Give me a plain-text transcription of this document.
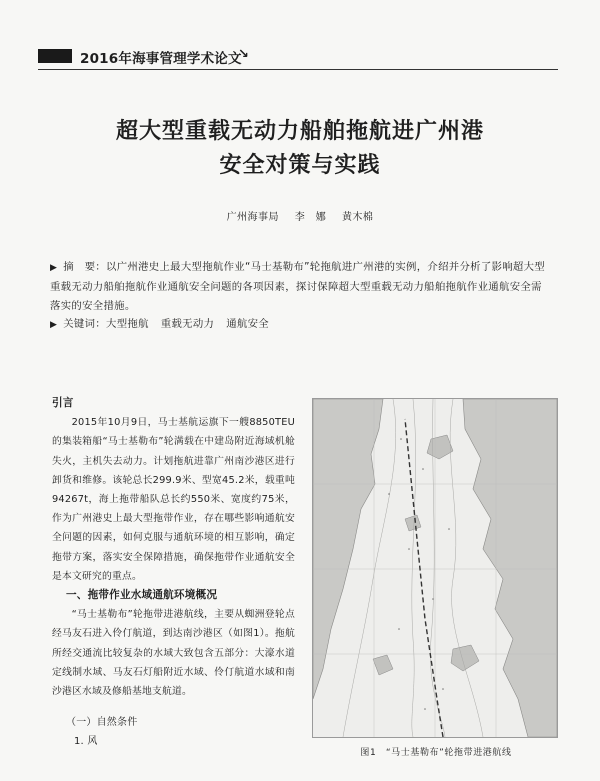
2016年海事管理学术论文
↘
超大型重载无动力船舶拖航进广州港
安全对策与实践
广州海事局 李　娜 黄木棉
▶ 摘　要：以广州港史上最大型拖航作业“马士基勒布”轮拖航进广州港的实例，介绍并分析了影响超大型重载无动力船舶拖航作业通航安全问题的各项因素，探讨保障超大型重载无动力船舶拖航作业通航安全需落实的安全措施。
▶ 关键词：大型拖航 重载无动力 通航安全
引言

2015年10月9日，马士基航运旗下一艘8850TEU的集装箱船“马士基勒布”轮满载在中建岛附近海域机舱失火，主机失去动力。计划拖航进靠广州南沙港区进行卸货和维修。该轮总长299.9米、型宽45.2米，载重吨94267t，海上拖带船队总长约550米、宽度约75米，作为广州港史上最大型拖带作业，存在哪些影响通航安全问题的因素，如何克服与通航环境的相互影响，确定拖带方案，落实安全保障措施，确保拖带作业通航安全是本文研究的重点。

一、拖带作业水域通航环境概况

“马士基勒布”轮拖带进港航线，主要从蜘洲登轮点经马友石进入伶仃航道，到达南沙港区（如图1）。拖航所经交通流比较复杂的水域大致包含五部分：大濠水道定线制水域、马友石灯船附近水域、伶仃航道水域和南沙港区水域及修船基地支航道。

（一）自然条件
1. 风
图1　“马士基勒布”轮拖带进港航线
